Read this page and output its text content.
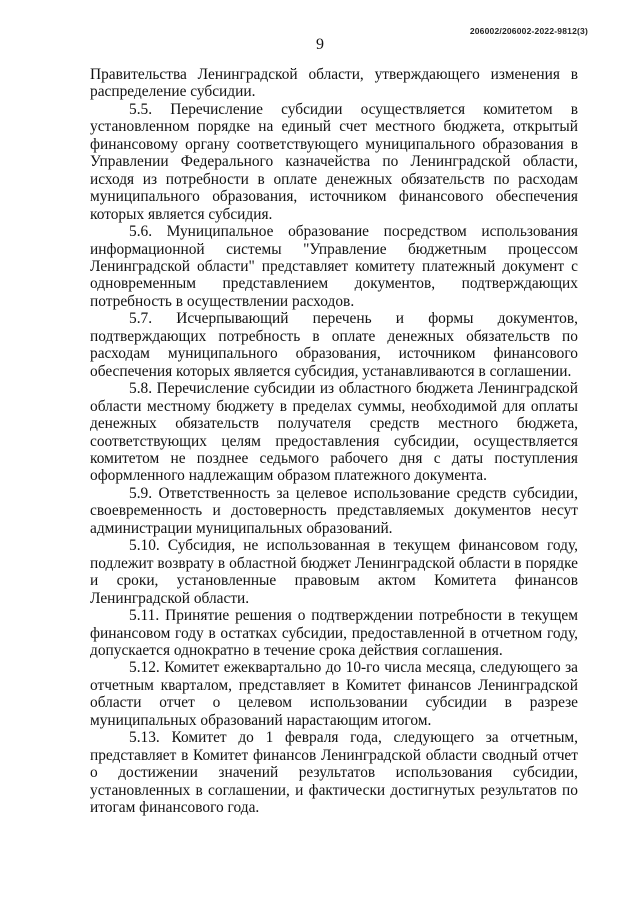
206002/206002-2022-9812(3)
9

Правительства Ленинградской области, утверждающего изменения в распределение субсидии.

5.5. Перечисление субсидии осуществляется комитетом в установленном порядке на единый счет местного бюджета, открытый финансовому органу соответствующего муниципального образования в Управлении Федерального казначейства по Ленинградской области, исходя из потребности в оплате денежных обязательств по расходам муниципального образования, источником финансового обеспечения которых является субсидия.

5.6. Муниципальное образование посредством использования информационной системы "Управление бюджетным процессом Ленинградской области" представляет комитету платежный документ с одновременным представлением документов, подтверждающих потребность в осуществлении расходов.

5.7. Исчерпывающий перечень и формы документов, подтверждающих потребность в оплате денежных обязательств по расходам муниципального образования, источником финансового обеспечения которых является субсидия, устанавливаются в соглашении.

5.8. Перечисление субсидии из областного бюджета Ленинградской области местному бюджету в пределах суммы, необходимой для оплаты денежных обязательств получателя средств местного бюджета, соответствующих целям предоставления субсидии, осуществляется комитетом не позднее седьмого рабочего дня с даты поступления оформленного надлежащим образом платежного документа.

5.9. Ответственность за целевое использование средств субсидии, своевременность и достоверность представляемых документов несут администрации муниципальных образований.

5.10. Субсидия, не использованная в текущем финансовом году, подлежит возврату в областной бюджет Ленинградской области в порядке и сроки, установленные правовым актом Комитета финансов Ленинградской области.

5.11. Принятие решения о подтверждении потребности в текущем финансовом году в остатках субсидии, предоставленной в отчетном году, допускается однократно в течение срока действия соглашения.

5.12. Комитет ежеквартально до 10-го числа месяца, следующего за отчетным кварталом, представляет в Комитет финансов Ленинградской области отчет о целевом использовании субсидии в разрезе муниципальных образований нарастающим итогом.

5.13. Комитет до 1 февраля года, следующего за отчетным, представляет в Комитет финансов Ленинградской области сводный отчет о достижении значений результатов использования субсидии, установленных в соглашении, и фактически достигнутых результатов по итогам финансового года.
